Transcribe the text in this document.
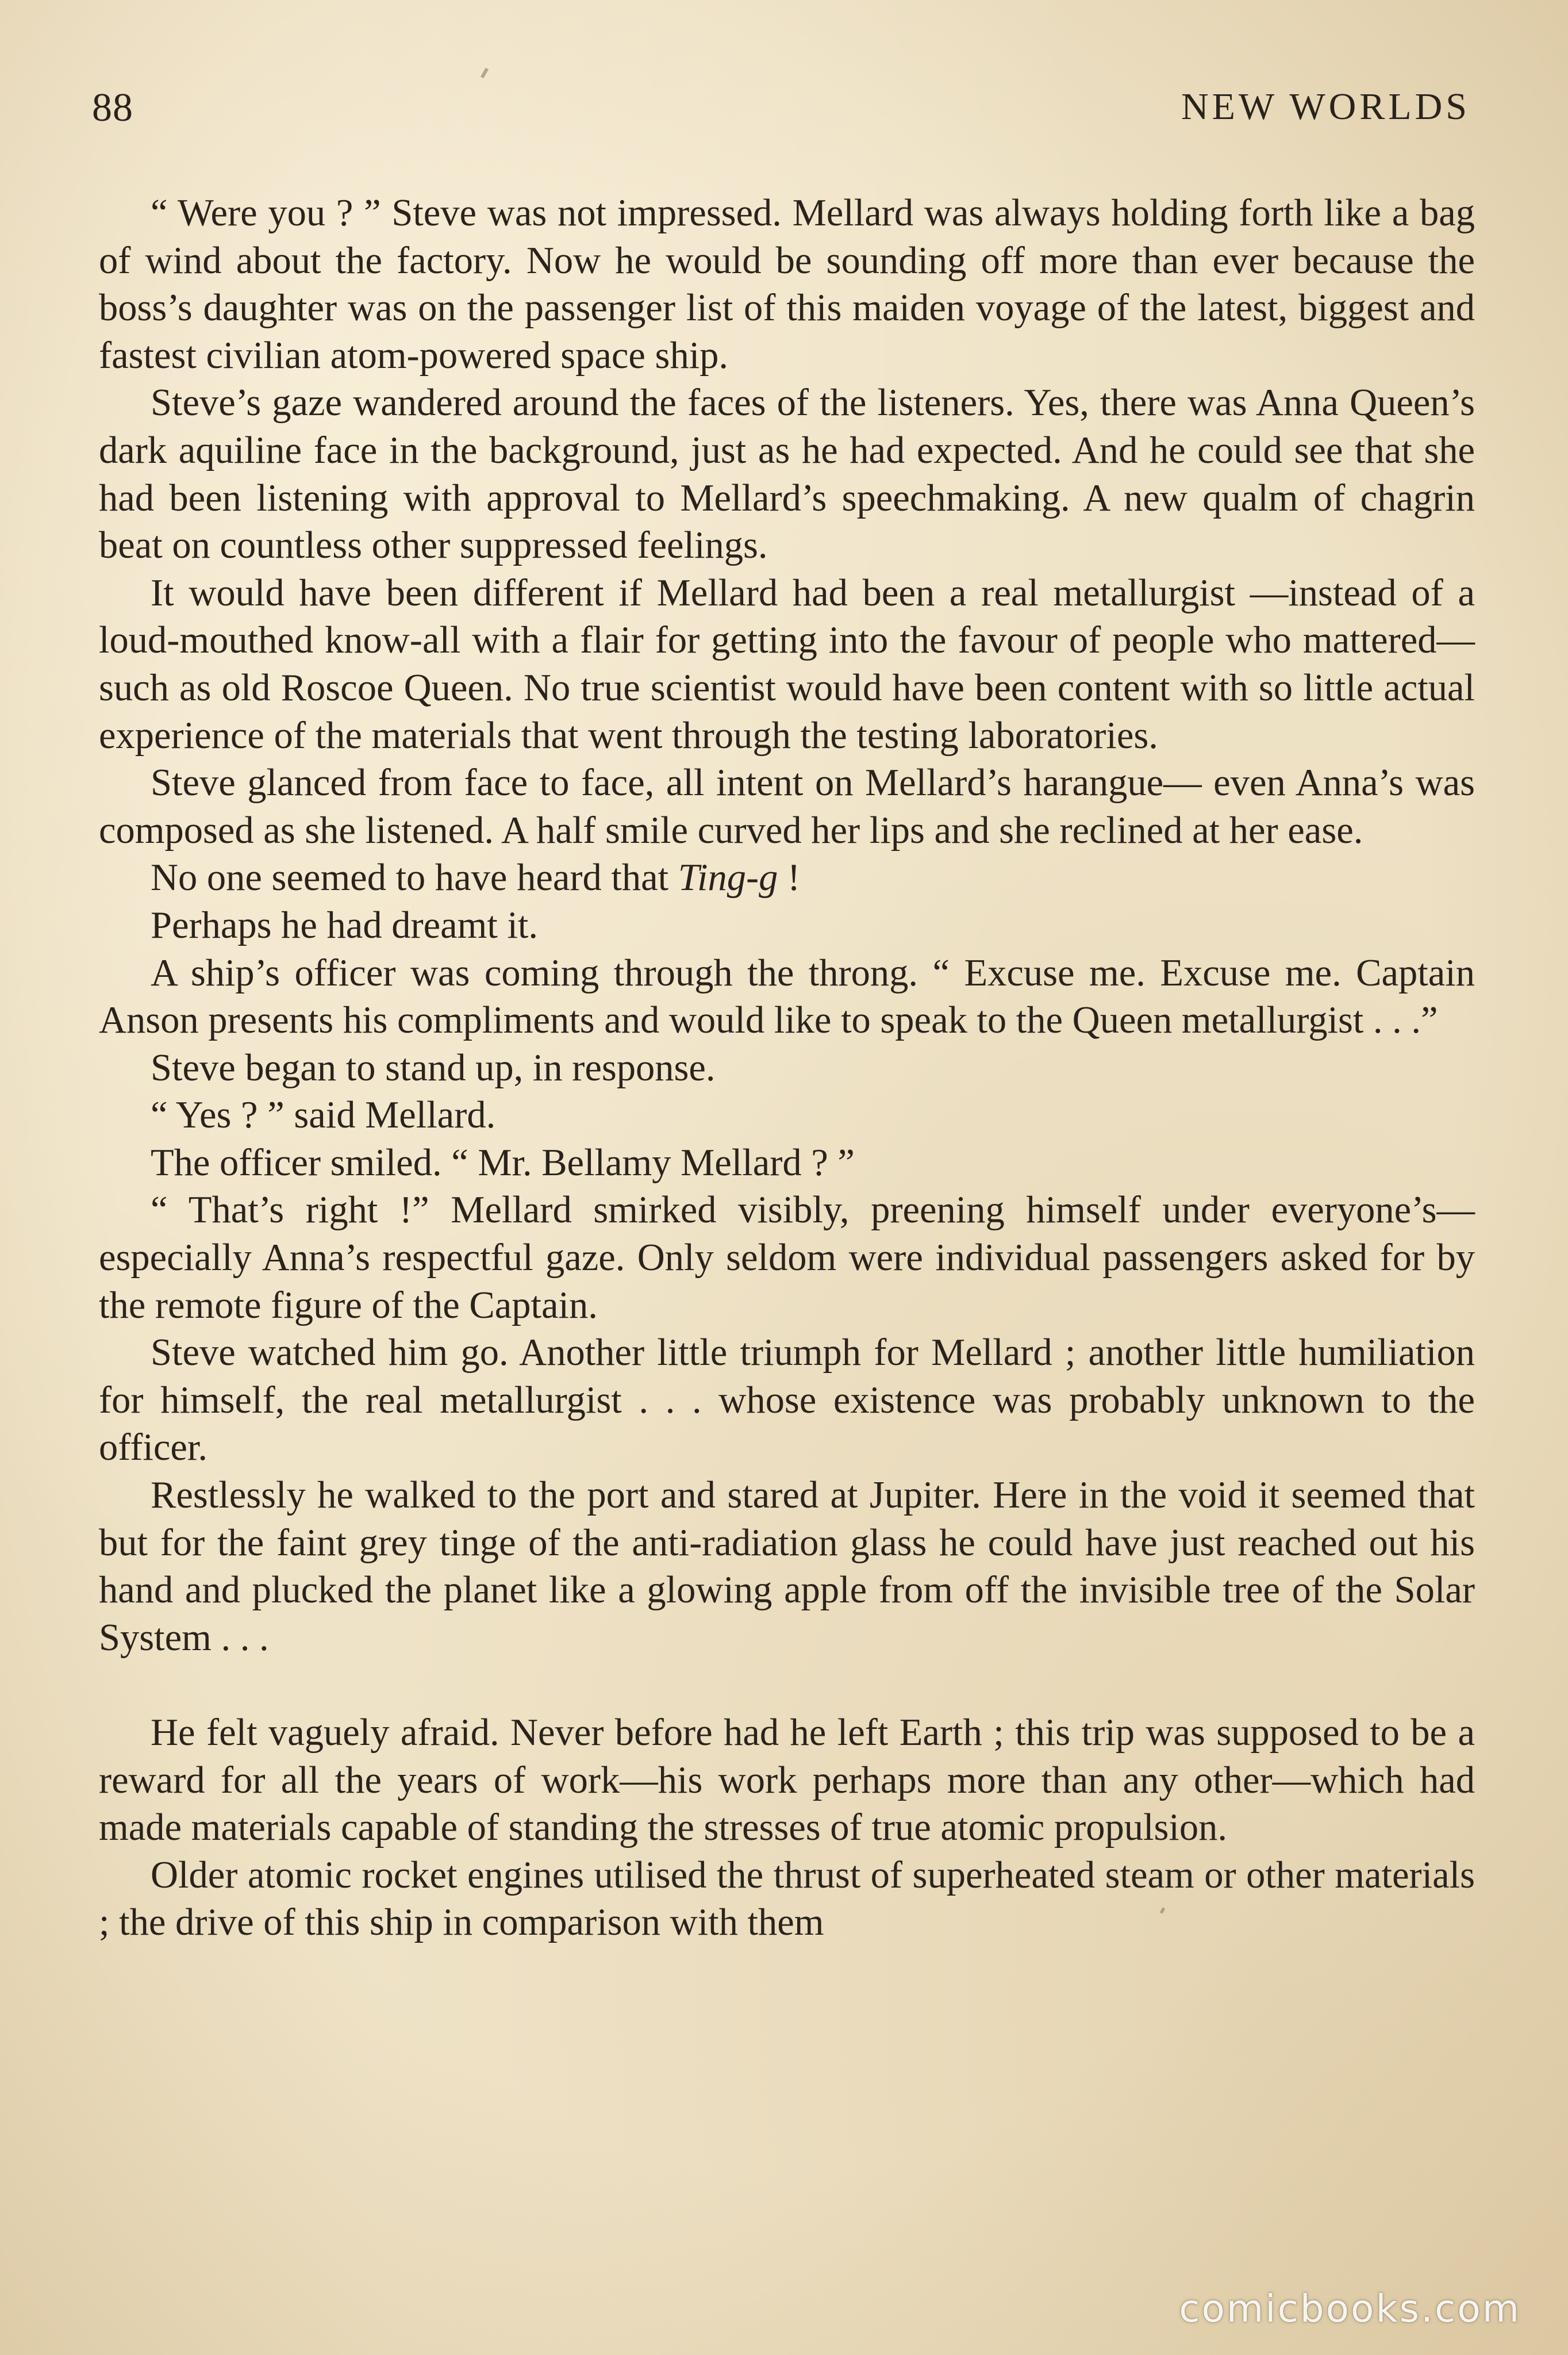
88	NEW WORLDS

“ Were you ? ” Steve was not impressed. Mellard was always holding forth like a bag of wind about the factory. Now he would be sounding off more than ever because the boss’s daughter was on the passenger list of this maiden voyage of the latest, biggest and fastest civilian atom-powered space ship.

Steve’s gaze wandered around the faces of the listeners. Yes, there was Anna Queen’s dark aquiline face in the background, just as he had expected. And he could see that she had been listening with approval to Mellard’s speechmaking. A new qualm of chagrin beat on countless other suppressed feelings.

It would have been different if Mellard had been a real metallurgist —instead of a loud-mouthed know-all with a flair for getting into the favour of people who mattered—such as old Roscoe Queen. No true scientist would have been content with so little actual experience of the materials that went through the testing laboratories.

Steve glanced from face to face, all intent on Mellard’s harangue— even Anna’s was composed as she listened. A half smile curved her lips and she reclined at her ease.

No one seemed to have heard that Ting-g !

Perhaps he had dreamt it.

A ship’s officer was coming through the throng. “ Excuse me. Excuse me. Captain Anson presents his compliments and would like to speak to the Queen metallurgist . . .”

Steve began to stand up, in response.

“ Yes ? ” said Mellard.

The officer smiled. “ Mr. Bellamy Mellard ? ”

“ That’s right !” Mellard smirked visibly, preening himself under everyone’s—especially Anna’s respectful gaze. Only seldom were individual passengers asked for by the remote figure of the Captain.

Steve watched him go. Another little triumph for Mellard ; another little humiliation for himself, the real metallurgist . . . whose existence was probably unknown to the officer.

Restlessly he walked to the port and stared at Jupiter. Here in the void it seemed that but for the faint grey tinge of the anti-radiation glass he could have just reached out his hand and plucked the planet like a glowing apple from off the invisible tree of the Solar System . . .

He felt vaguely afraid. Never before had he left Earth ; this trip was supposed to be a reward for all the years of work—his work perhaps more than any other—which had made materials capable of standing the stresses of true atomic propulsion.

Older atomic rocket engines utilised the thrust of superheated steam or other materials ; the drive of this ship in comparison with them

comicbooks.com
